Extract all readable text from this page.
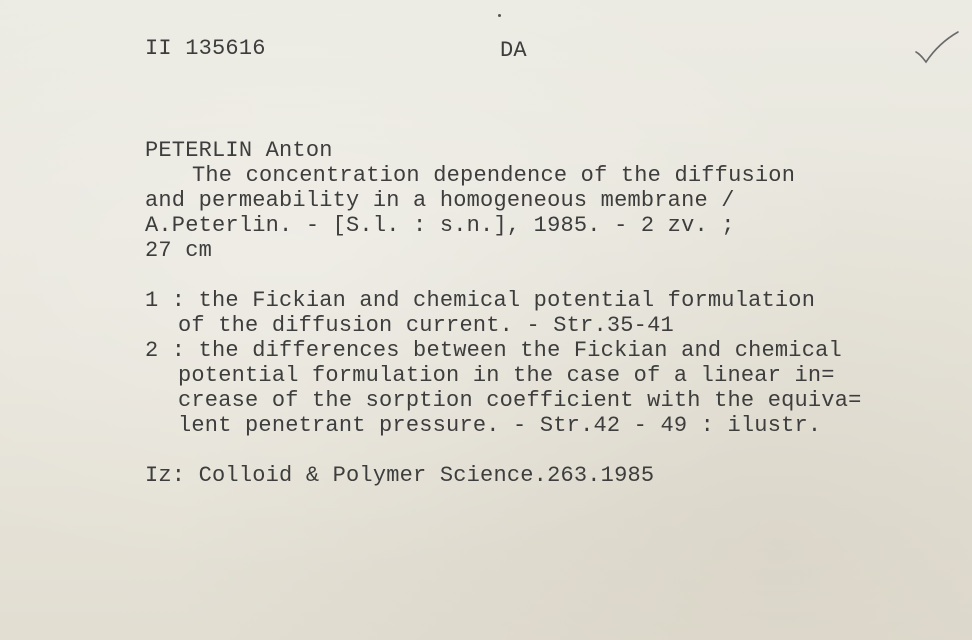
II 135616	DA
PETERLIN Anton
The concentration dependence of the diffusion
and permeability in a homogeneous membrane /
A.Peterlin. - [S.l. : s.n.], 1985. - 2 zv. ;
27 cm
1 : the Fickian and chemical potential formulation
of the diffusion current. - Str.35-41
2 : the differences between the Fickian and chemical
potential formulation in the case of a linear in=
crease of the sorption coefficient with the equiva=
lent penetrant pressure. - Str.42 - 49 : ilustr.
Iz: Colloid & Polymer Science.263.1985
